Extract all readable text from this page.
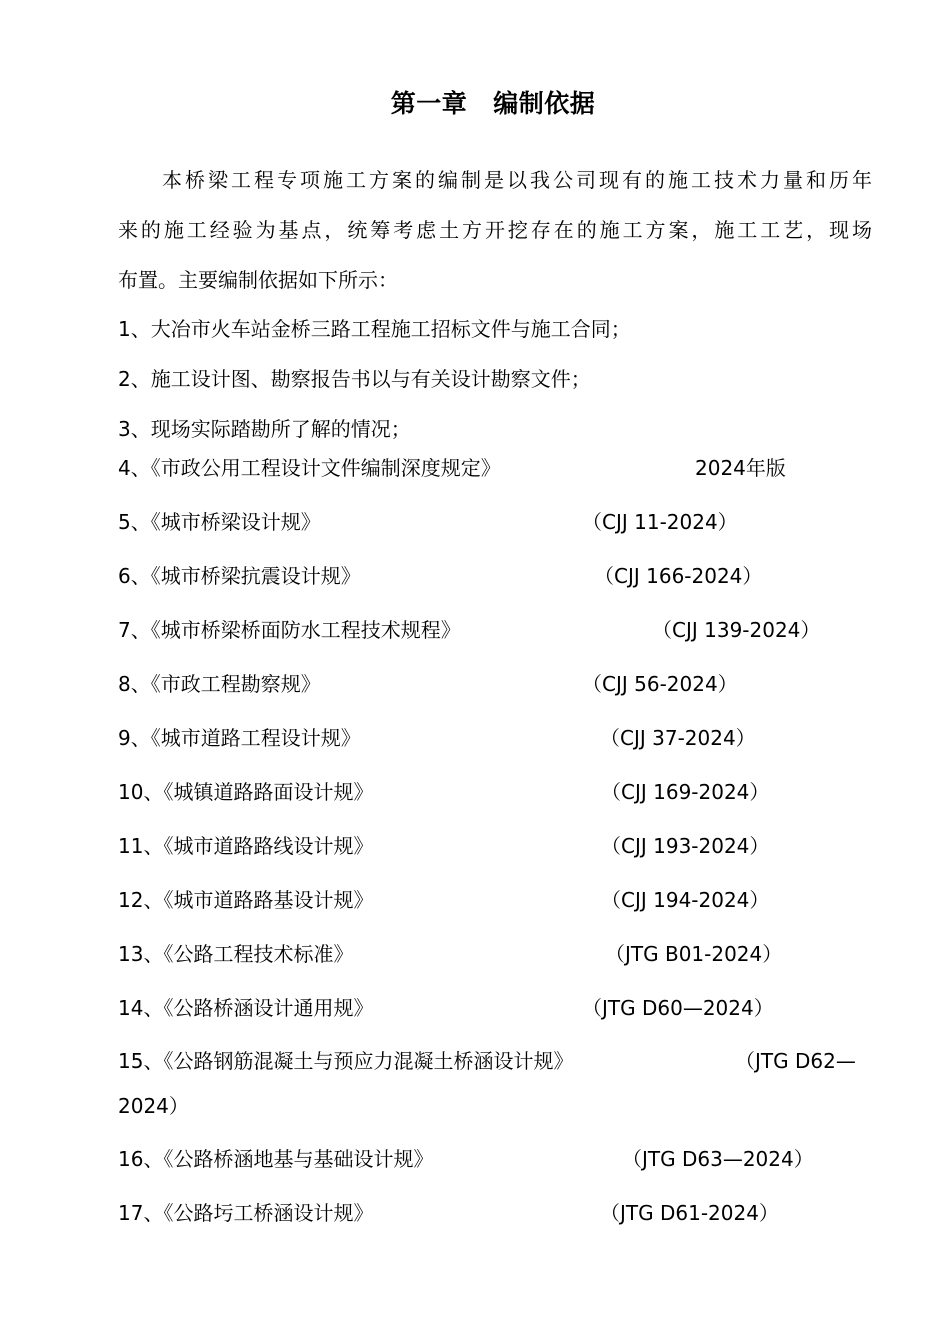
第一章 编制依据
本桥梁工程专项施工方案的编制是以我公司现有的施工技术力量和历年
来的施工经验为基点，统筹考虑土方开挖存在的施工方案，施工工艺，现场
布置。主要编制依据如下所示：
1、大冶市火车站金桥三路工程施工招标文件与施工合同；
2、施工设计图、勘察报告书以与有关设计勘察文件；
3、现场实际踏勘所了解的情况；
4、《市政公用工程设计文件编制深度规定》	2024年版
5、《城市桥梁设计规》	（CJJ 11-2024）
6、《城市桥梁抗震设计规》	（CJJ 166-2024）
7、《城市桥梁桥面防水工程技术规程》	（CJJ 139-2024）
8、《市政工程勘察规》	（CJJ 56-2024）
9、《城市道路工程设计规》	（CJJ 37-2024）
10、《城镇道路路面设计规》	（CJJ 169-2024）
11、《城市道路路线设计规》	（CJJ 193-2024）
12、《城市道路路基设计规》	（CJJ 194-2024）
13、《公路工程技术标准》	（JTG B01-2024）
14、《公路桥涵设计通用规》	（JTG D60—2024）
15、《公路钢筋混凝土与预应力混凝土桥涵设计规》	（JTG D62—
2024）
16、《公路桥涵地基与基础设计规》	（JTG D63—2024）
17、《公路圬工桥涵设计规》	（JTG D61-2024）
